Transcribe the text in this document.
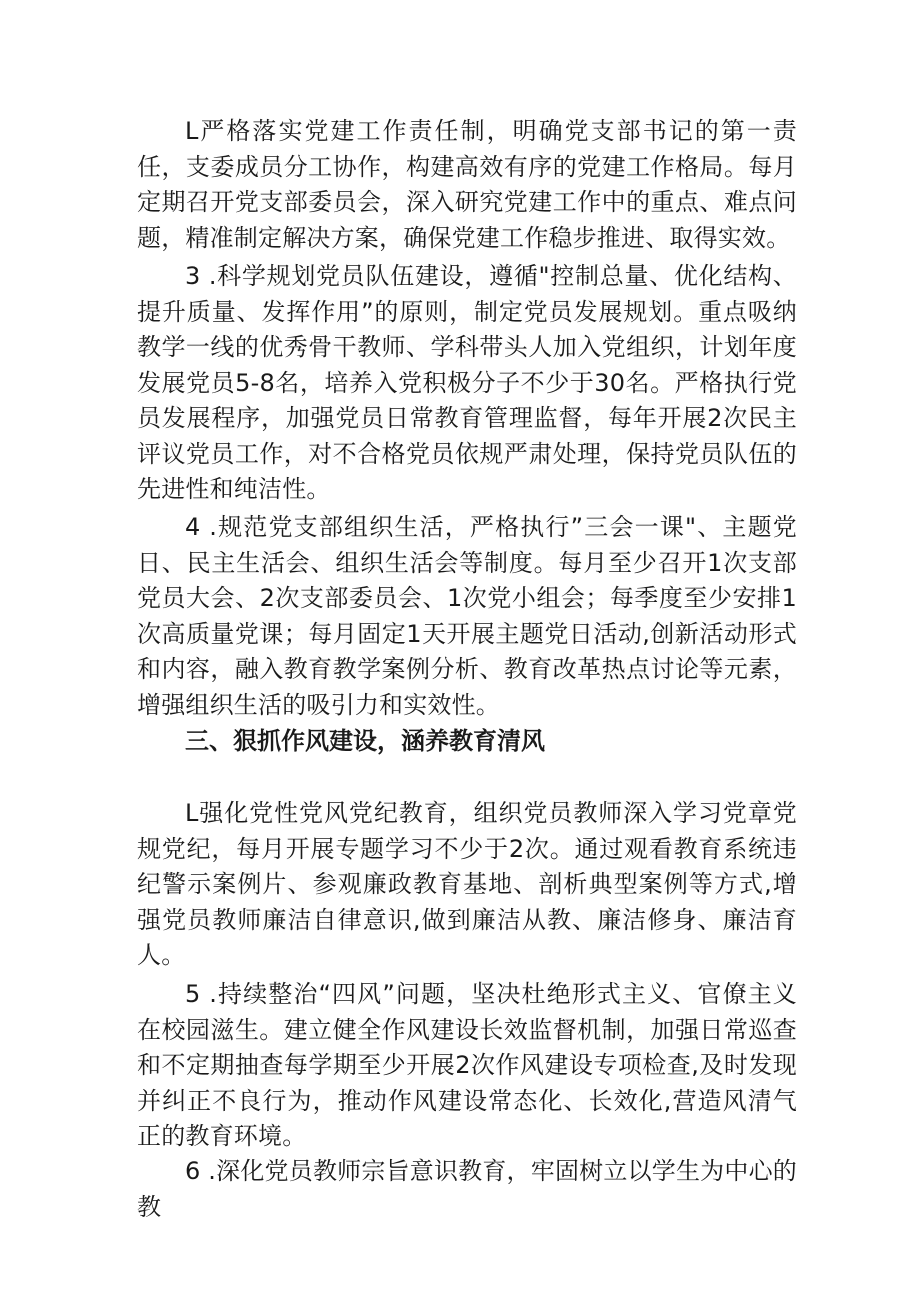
L严格落实党建工作责任制，明确党支部书记的第一责任，支委成员分工协作，构建高效有序的党建工作格局。每月定期召开党支部委员会，深入研究党建工作中的重点、难点问题，精准制定解决方案，确保党建工作稳步推进、取得实效。

3 .科学规划党员队伍建设，遵循"控制总量、优化结构、提升质量、发挥作用”的原则，制定党员发展规划。重点吸纳教学一线的优秀骨干教师、学科带头人加入党组织，计划年度发展党员5-8名，培养入党积极分子不少于30名。严格执行党员发展程序，加强党员日常教育管理监督，每年开展2次民主评议党员工作，对不合格党员依规严肃处理，保持党员队伍的先进性和纯洁性。

4 .规范党支部组织生活，严格执行”三会一课"、主题党日、民主生活会、组织生活会等制度。每月至少召开1次支部党员大会、2次支部委员会、1次党小组会；每季度至少安排1次高质量党课；每月固定1天开展主题党日活动,创新活动形式和内容，融入教育教学案例分析、教育改革热点讨论等元素，增强组织生活的吸引力和实效性。

三、狠抓作风建设，涵养教育清风

L强化党性党风党纪教育，组织党员教师深入学习党章党规党纪，每月开展专题学习不少于2次。通过观看教育系统违纪警示案例片、参观廉政教育基地、剖析典型案例等方式,增强党员教师廉洁自律意识,做到廉洁从教、廉洁修身、廉洁育人。

5 .持续整治“四风”问题，坚决杜绝形式主义、官僚主义在校园滋生。建立健全作风建设长效监督机制，加强日常巡查和不定期抽查每学期至少开展2次作风建设专项检查,及时发现并纠正不良行为，推动作风建设常态化、长效化,营造风清气正的教育环境。

6 .深化党员教师宗旨意识教育，牢固树立以学生为中心的教
